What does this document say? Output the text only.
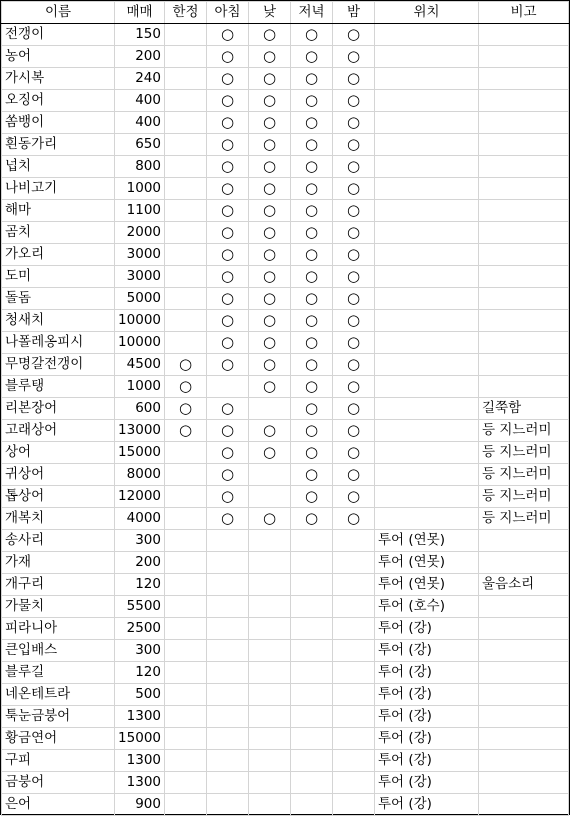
이름	매매	한정	아침	낮	저녁	밤	위치	비고
전갱이	150		○	○	○	○		
농어	200		○	○	○	○		
가시복	240		○	○	○	○		
오징어	400		○	○	○	○		
쏨뱅이	400		○	○	○	○		
흰동가리	650		○	○	○	○		
넙치	800		○	○	○	○		
나비고기	1000		○	○	○	○		
해마	1100		○	○	○	○		
곰치	2000		○	○	○	○		
가오리	3000		○	○	○	○		
도미	3000		○	○	○	○		
돌돔	5000		○	○	○	○		
청새치	10000		○	○	○	○		
나폴레옹피시	10000		○	○	○	○		
무명갈전갱이	4500	○	○	○	○	○		
블루탱	1000	○		○	○	○		
리본장어	600	○	○		○	○		길쭉함
고래상어	13000	○	○	○	○	○		등 지느러미
상어	15000		○	○	○	○		등 지느러미
귀상어	8000		○		○	○		등 지느러미
톱상어	12000		○		○	○		등 지느러미
개복치	4000		○	○	○	○		등 지느러미
송사리	300						투어 (연못)	
가재	200						투어 (연못)	
개구리	120						투어 (연못)	울음소리
가물치	5500						투어 (호수)	
피라니아	2500						투어 (강)	
큰입배스	300						투어 (강)	
블루길	120						투어 (강)	
네온테트라	500						투어 (강)	
툭눈금붕어	1300						투어 (강)	
황금연어	15000						투어 (강)	
구피	1300						투어 (강)	
금붕어	1300						투어 (강)	
은어	900						투어 (강)	
